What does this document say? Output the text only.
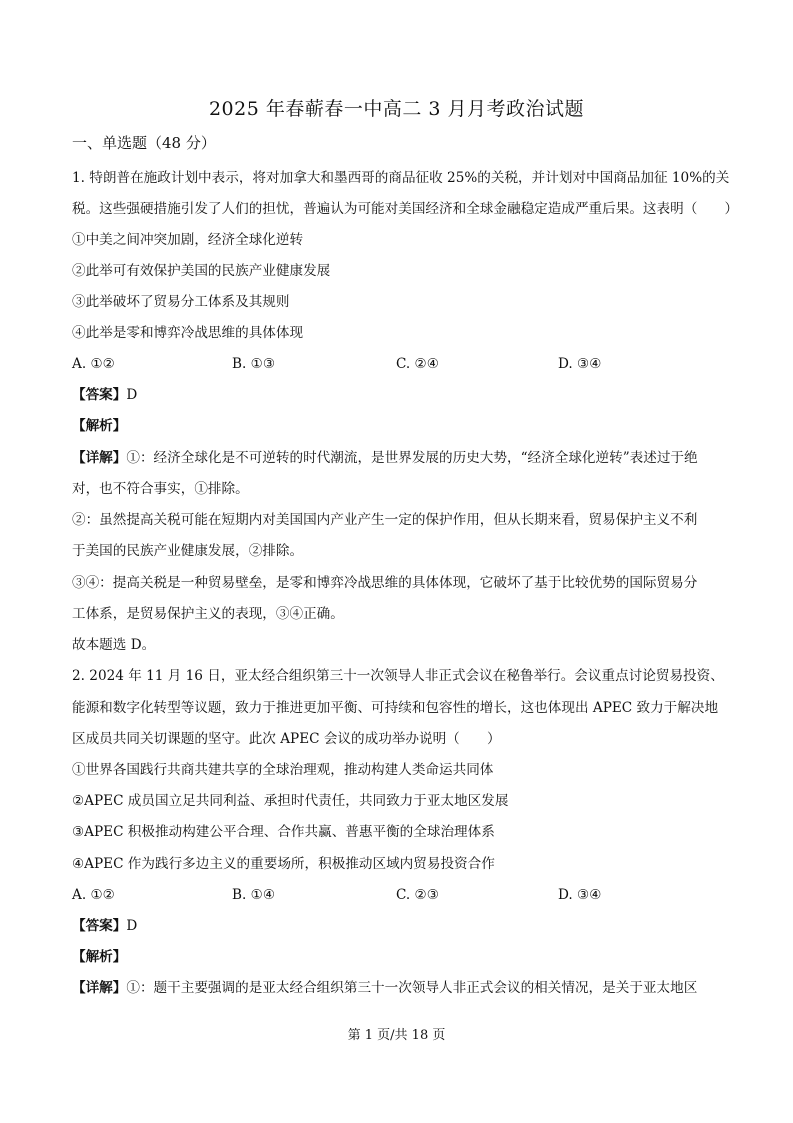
2025 年春蕲春一中高二 3 月月考政治试题
一、单选题（48 分）
1. 特朗普在施政计划中表示，将对加拿大和墨西哥的商品征收 25%的关税，并计划对中国商品加征 10%的关
税。这些强硬措施引发了人们的担忧，普遍认为可能对美国经济和全球金融稳定造成严重后果。这表明（　　）
①中美之间冲突加剧，经济全球化逆转
②此举可有效保护美国的民族产业健康发展
③此举破坏了贸易分工体系及其规则
④此举是零和博弈冷战思维的具体体现
A. ①②	B. ①③	C. ②④	D. ③④
【答案】D
【解析】
【详解】①：经济全球化是不可逆转的时代潮流，是世界发展的历史大势，“经济全球化逆转”表述过于绝
对，也不符合事实，①排除。
②：虽然提高关税可能在短期内对美国国内产业产生一定的保护作用，但从长期来看，贸易保护主义不利
于美国的民族产业健康发展，②排除。
③④：提高关税是一种贸易壁垒，是零和博弈冷战思维的具体体现，它破坏了基于比较优势的国际贸易分
工体系，是贸易保护主义的表现，③④正确。
故本题选 D。
2. 2024 年 11 月 16 日，亚太经合组织第三十一次领导人非正式会议在秘鲁举行。会议重点讨论贸易投资、
能源和数字化转型等议题，致力于推进更加平衡、可持续和包容性的增长，这也体现出 APEC 致力于解决地
区成员共同关切课题的坚守。此次 APEC 会议的成功举办说明（　　）
①世界各国践行共商共建共享的全球治理观，推动构建人类命运共同体
②APEC 成员国立足共同利益、承担时代责任，共同致力于亚太地区发展
③APEC 积极推动构建公平合理、合作共赢、普惠平衡的全球治理体系
④APEC 作为践行多边主义的重要场所，积极推动区域内贸易投资合作
A. ①②	B. ①④	C. ②③	D. ③④
【答案】D
【解析】
【详解】①：题干主要强调的是亚太经合组织第三十一次领导人非正式会议的相关情况，是关于亚太地区
第 1 页/共 18 页
